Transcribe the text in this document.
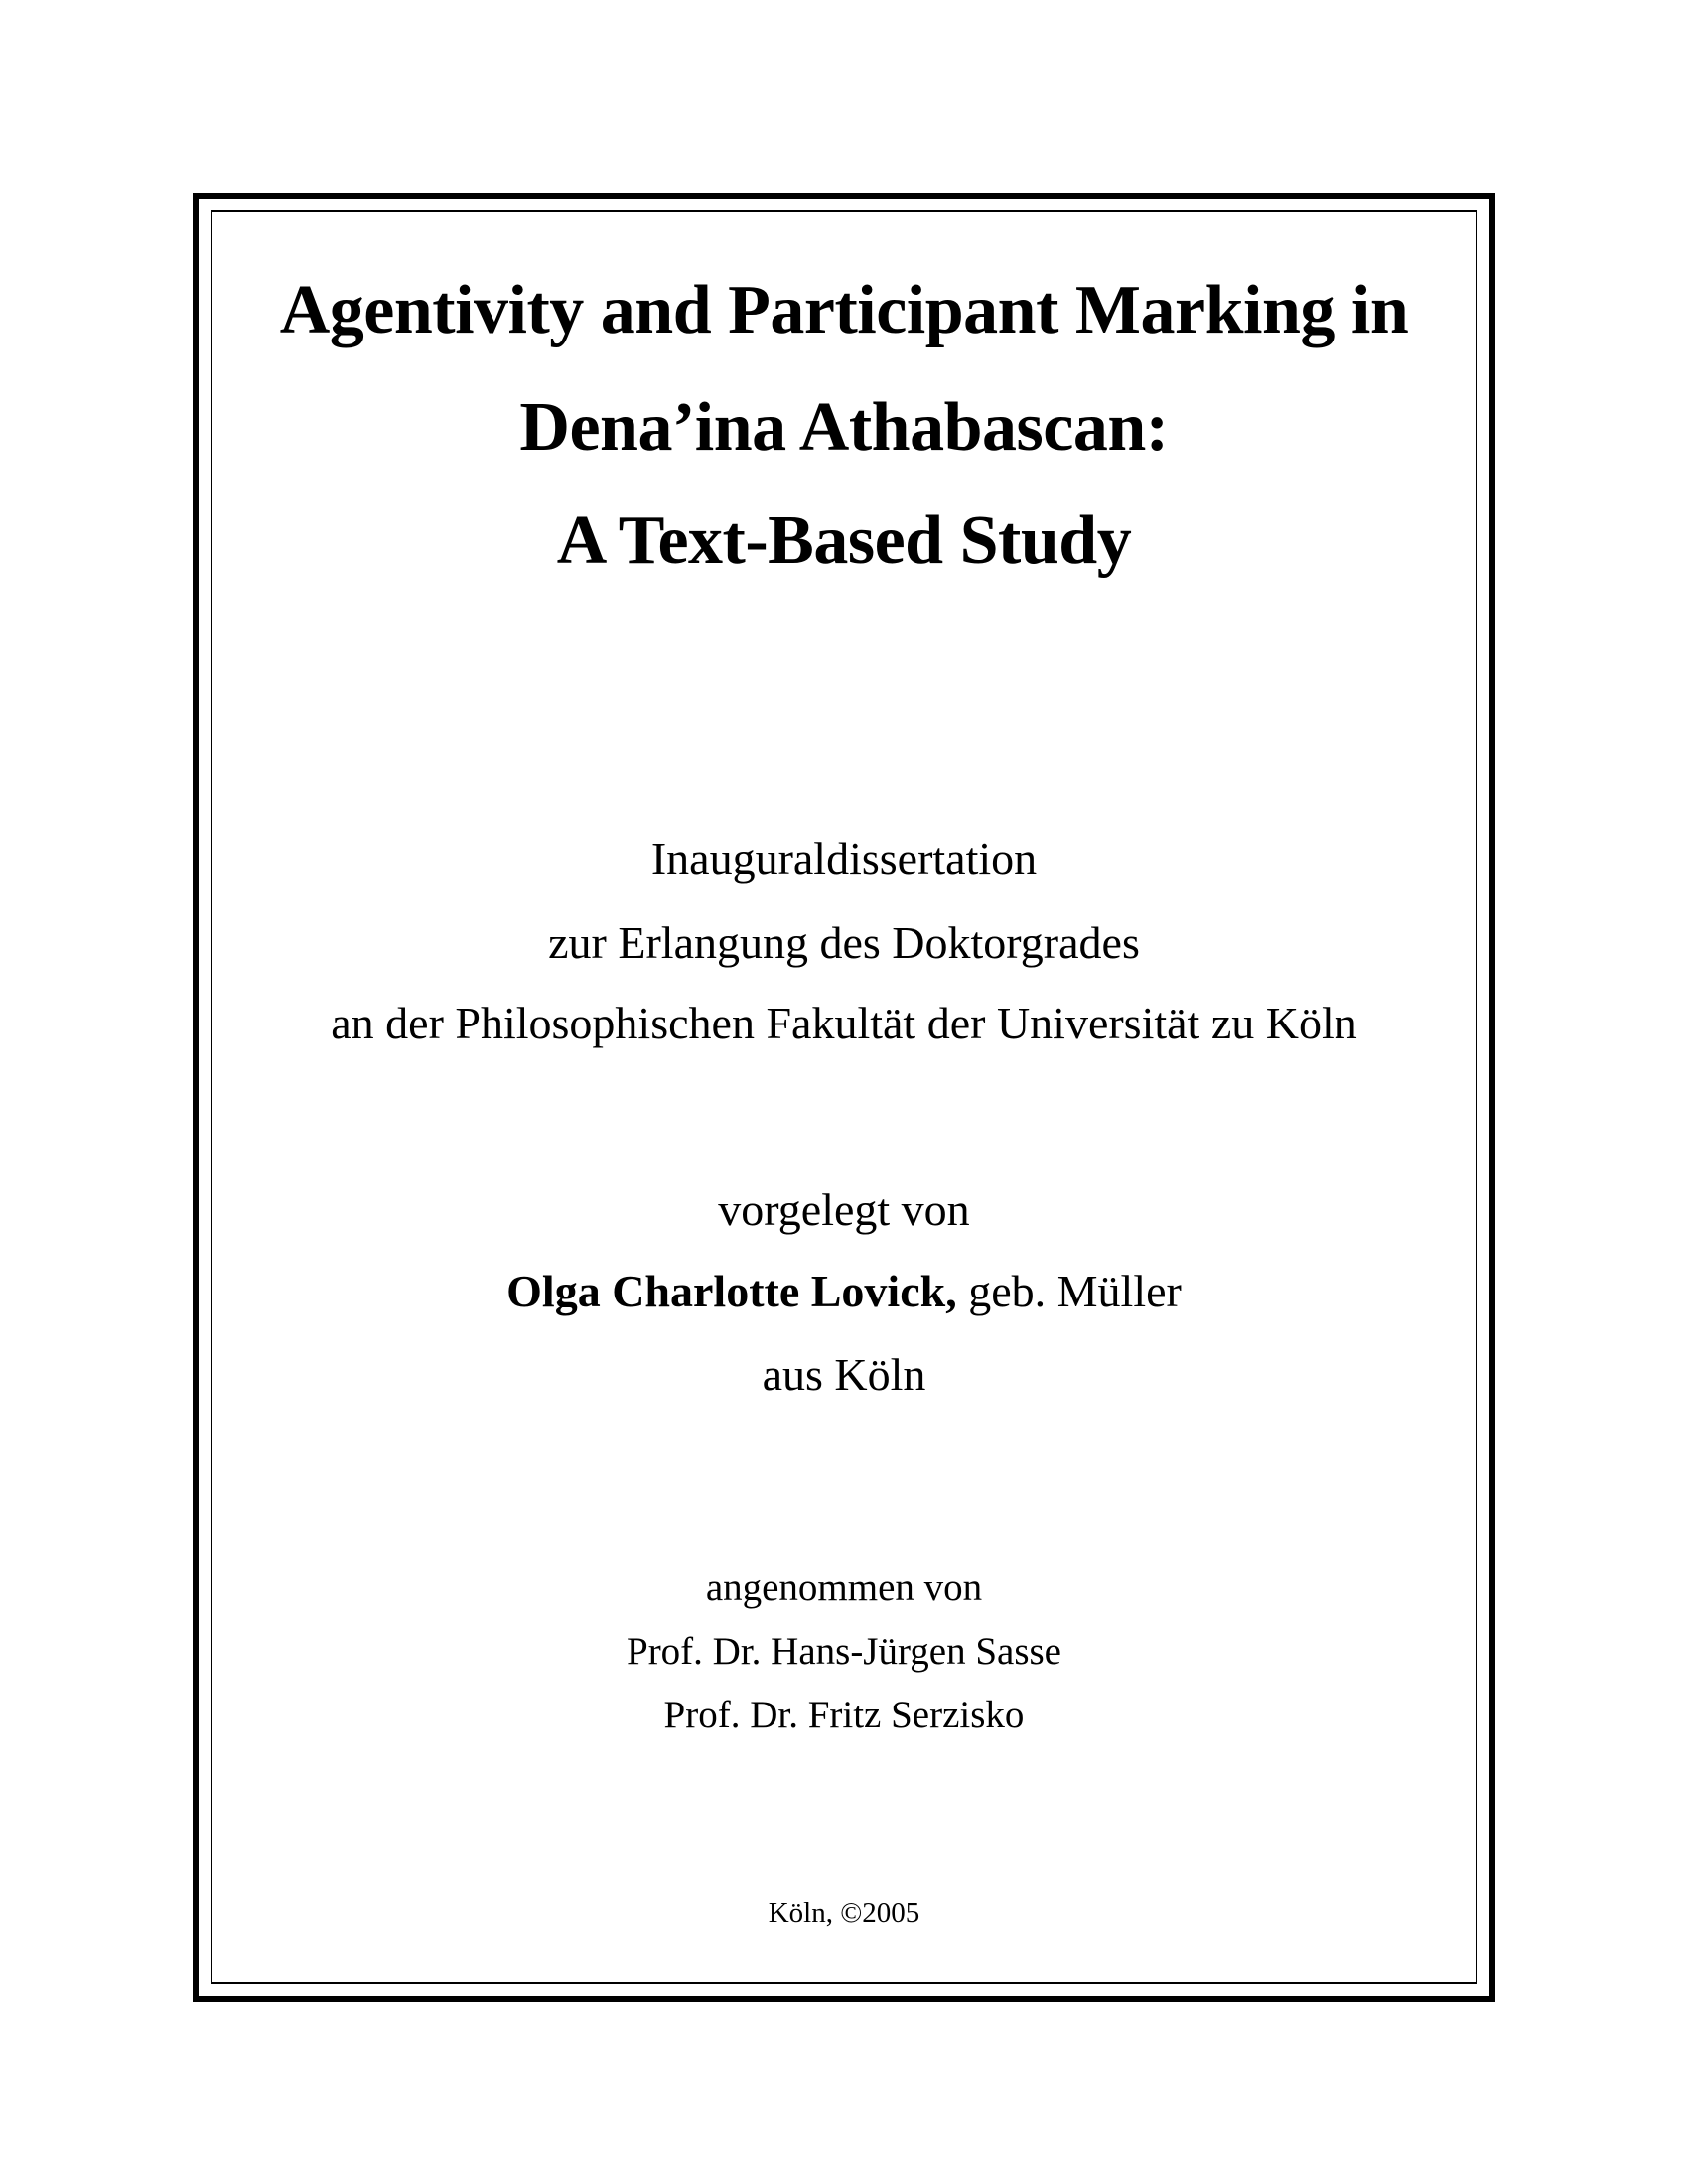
Agentivity and Participant Marking in
Dena’ina Athabascan:
A Text-Based Study

Inauguraldissertation

zur Erlangung des Doktorgrades

an der Philosophischen Fakultät der Universität zu Köln

vorgelegt von

Olga Charlotte Lovick, geb. Müller

aus Köln

angenommen von

Prof. Dr. Hans-Jürgen Sasse

Prof. Dr. Fritz Serzisko

Köln, ©2005
